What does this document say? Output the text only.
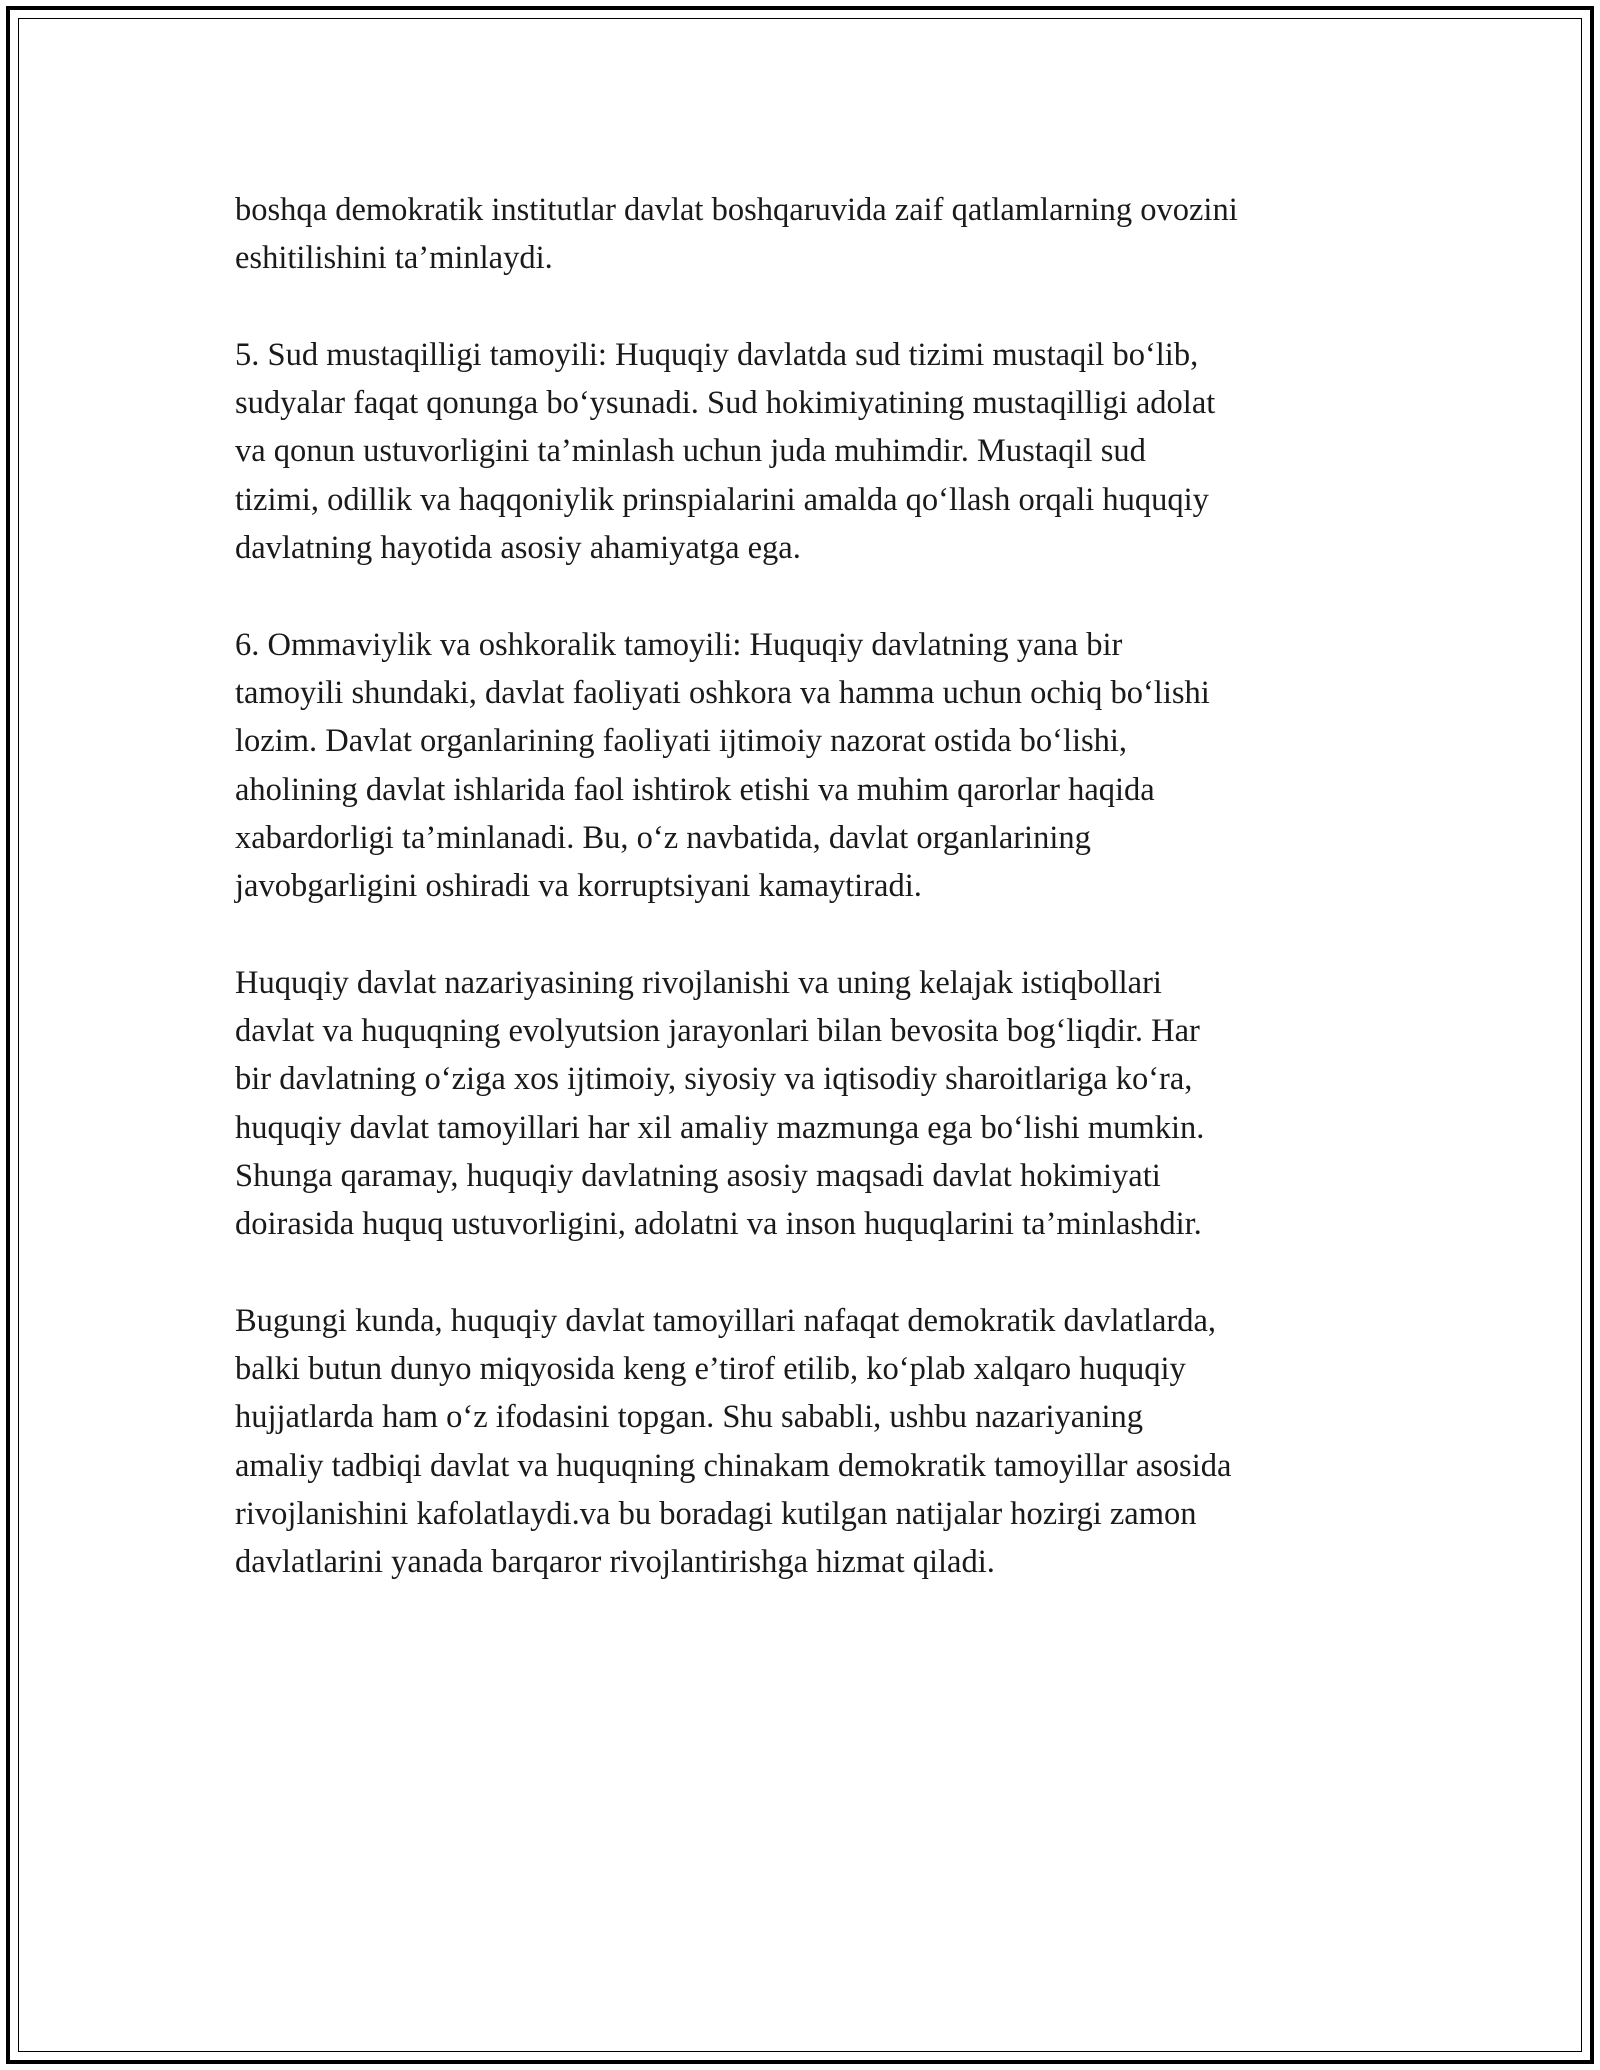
boshqa demokratik institutlar davlat boshqaruvida zaif qatlamlarning ovozini
eshitilishini ta’minlaydi.

5. Sud mustaqilligi tamoyili: Huquqiy davlatda sud tizimi mustaqil boʻlib,
sudyalar faqat qonunga boʻysunadi. Sud hokimiyatining mustaqilligi adolat
va qonun ustuvorligini ta’minlash uchun juda muhimdir. Mustaqil sud
tizimi, odillik va haqqoniylik prinspialarini amalda qoʻllash orqali huquqiy
davlatning hayotida asosiy ahamiyatga ega.

6. Ommaviylik va oshkoralik tamoyili: Huquqiy davlatning yana bir
tamoyili shundaki, davlat faoliyati oshkora va hamma uchun ochiq boʻlishi
lozim. Davlat organlarining faoliyati ijtimoiy nazorat ostida boʻlishi,
aholining davlat ishlarida faol ishtirok etishi va muhim qarorlar haqida
xabardorligi ta’minlanadi. Bu, oʻz navbatida, davlat organlarining
javobgarligini oshiradi va korruptsiyani kamaytiradi.

Huquqiy davlat nazariyasining rivojlanishi va uning kelajak istiqbollari
davlat va huquqning evolyutsion jarayonlari bilan bevosita bogʻliqdir. Har
bir davlatning oʻziga xos ijtimoiy, siyosiy va iqtisodiy sharoitlariga koʻra,
huquqiy davlat tamoyillari har xil amaliy mazmunga ega boʻlishi mumkin.
Shunga qaramay, huquqiy davlatning asosiy maqsadi davlat hokimiyati
doirasida huquq ustuvorligini, adolatni va inson huquqlarini ta’minlashdir.

Bugungi kunda, huquqiy davlat tamoyillari nafaqat demokratik davlatlarda,
balki butun dunyo miqyosida keng e’tirof etilib, koʻplab xalqaro huquqiy
hujjatlarda ham oʻz ifodasini topgan. Shu sababli, ushbu nazariyaning
amaliy tadbiqi davlat va huquqning chinakam demokratik tamoyillar asosida
rivojlanishini kafolatlaydi.va bu boradagi kutilgan natijalar hozirgi zamon
davlatlarini yanada barqaror rivojlantirishga hizmat qiladi.
